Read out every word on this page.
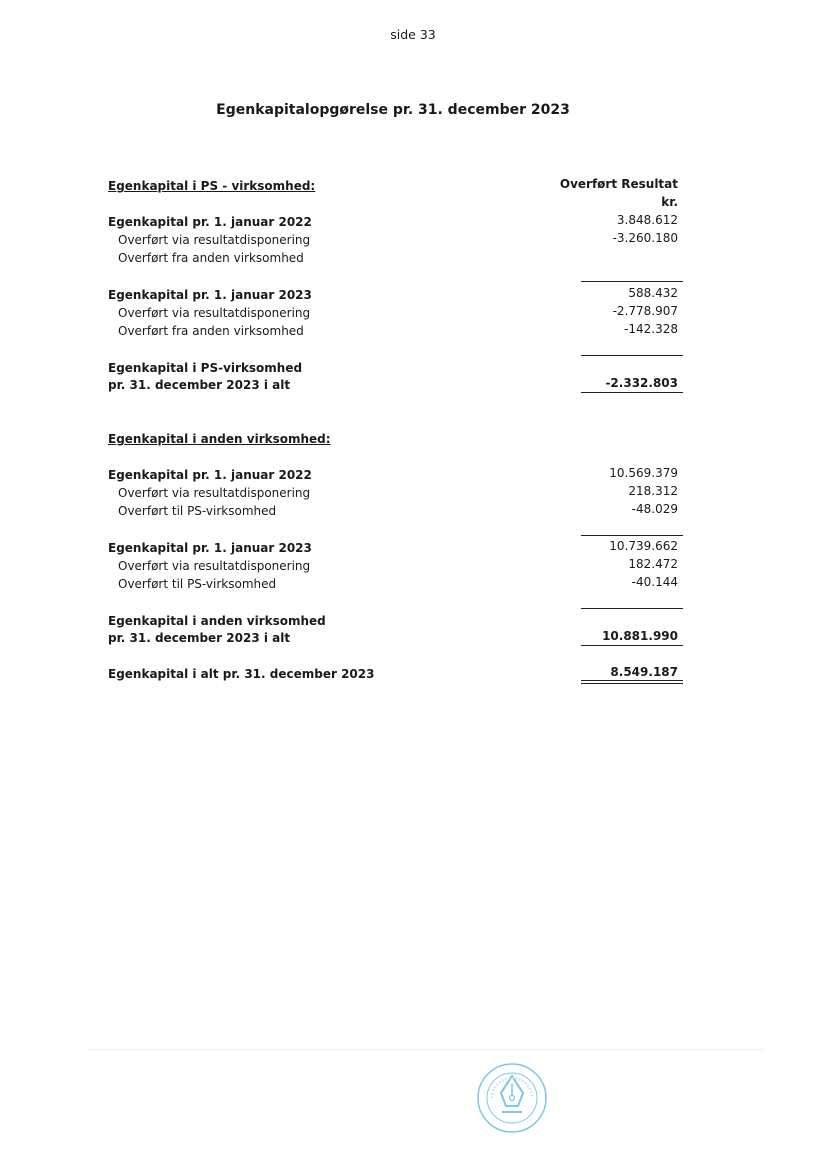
side 33
Egenkapitalopgørelse pr. 31. december 2023
Egenkapital i PS - virksomhed:	Overført Resultat
kr.
Egenkapital pr. 1. januar 2022	3.848.612
Overført via resultatdisponering	-3.260.180
Overført fra anden virksomhed
Egenkapital pr. 1. januar 2023	588.432
Overført via resultatdisponering	-2.778.907
Overført fra anden virksomhed	-142.328
Egenkapital i PS-virksomhed
pr. 31. december 2023 i alt	-2.332.803
Egenkapital i anden virksomhed:
Egenkapital pr. 1. januar 2022	10.569.379
Overført via resultatdisponering	218.312
Overført til PS-virksomhed	-48.029
Egenkapital pr. 1. januar 2023	10.739.662
Overført via resultatdisponering	182.472
Overført til PS-virksomhed	-40.144
Egenkapital i anden virksomhed
pr. 31. december 2023 i alt	10.881.990
Egenkapital i alt pr. 31. december 2023	8.549.187
